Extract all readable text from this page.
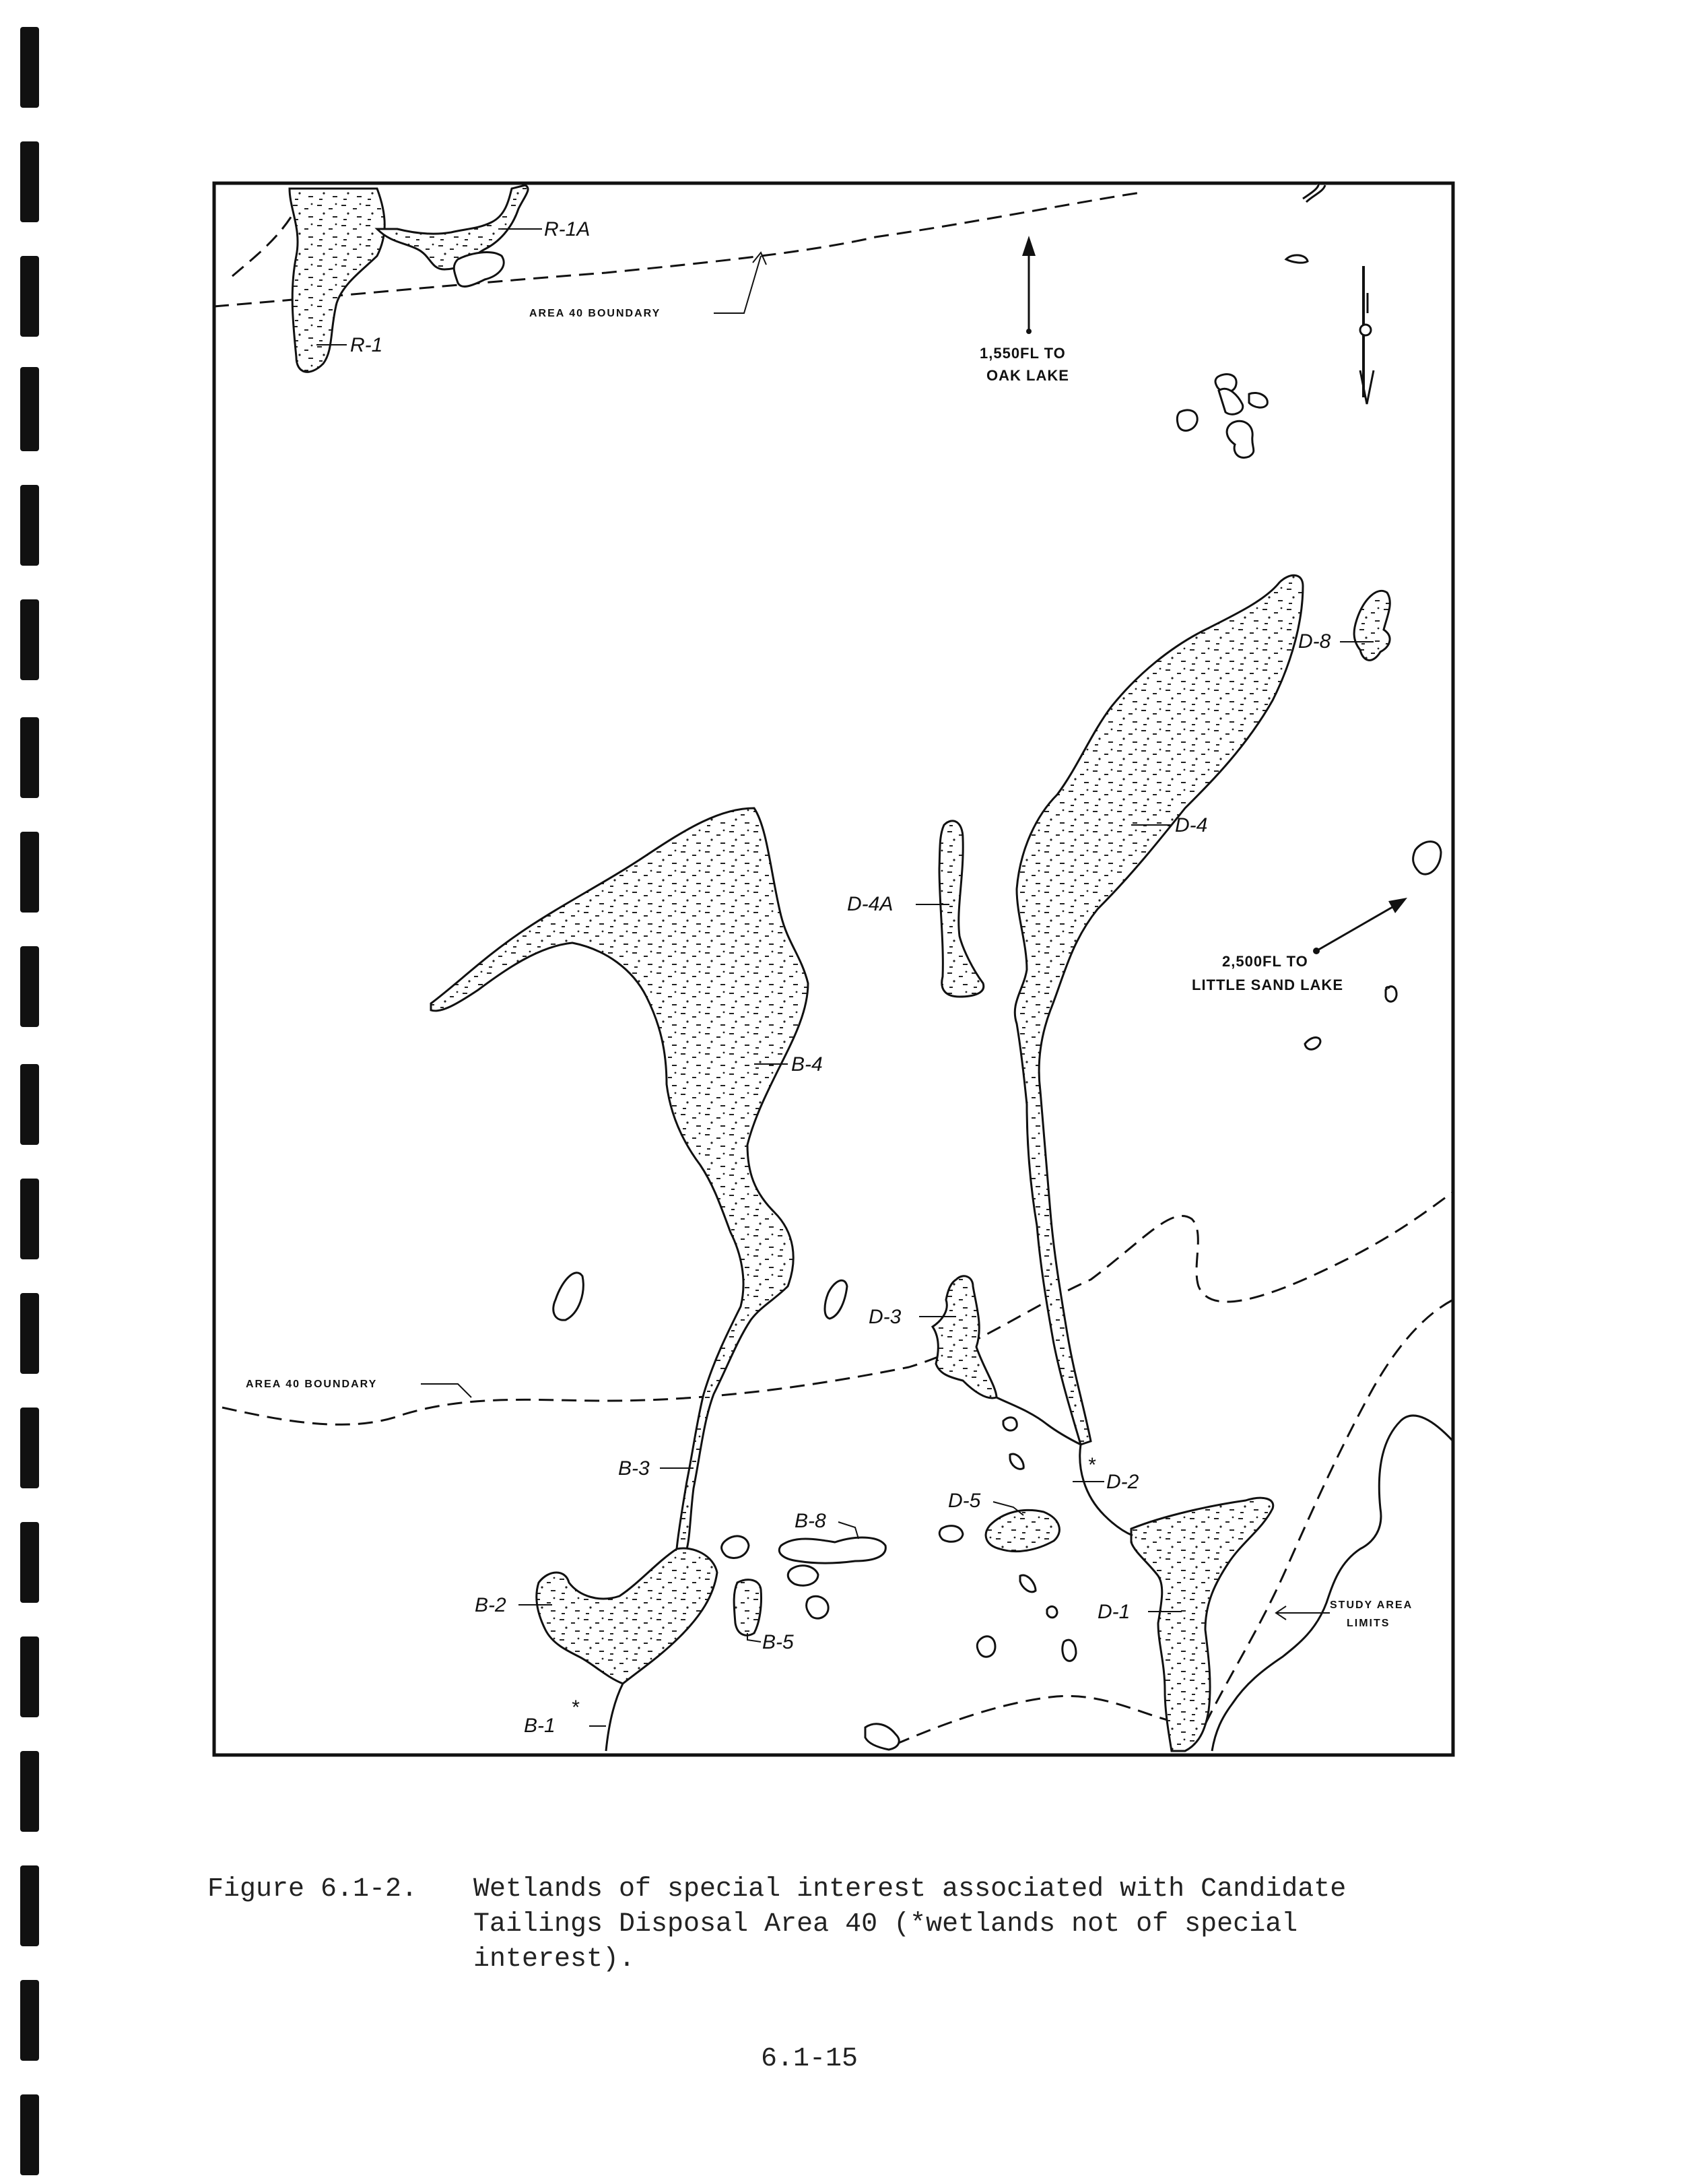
1,550FL TO
OAK LAKE
2,500FL TO
LITTLE SAND LAKE
R-1
R-1A
AREA 40 BOUNDARY
D-8
D-4
D-4A
B-4
AREA 40 BOUNDARY
D-3
*
D-2
B-3
B-8
D-5
B-2
B-5
D-1
*
B-1
STUDY AREA
LIMITS
Figure 6.1-2. Wetlands of special interest associated with Candidate Tailings Disposal Area 40 (*wetlands not of special interest).
6.1-15
